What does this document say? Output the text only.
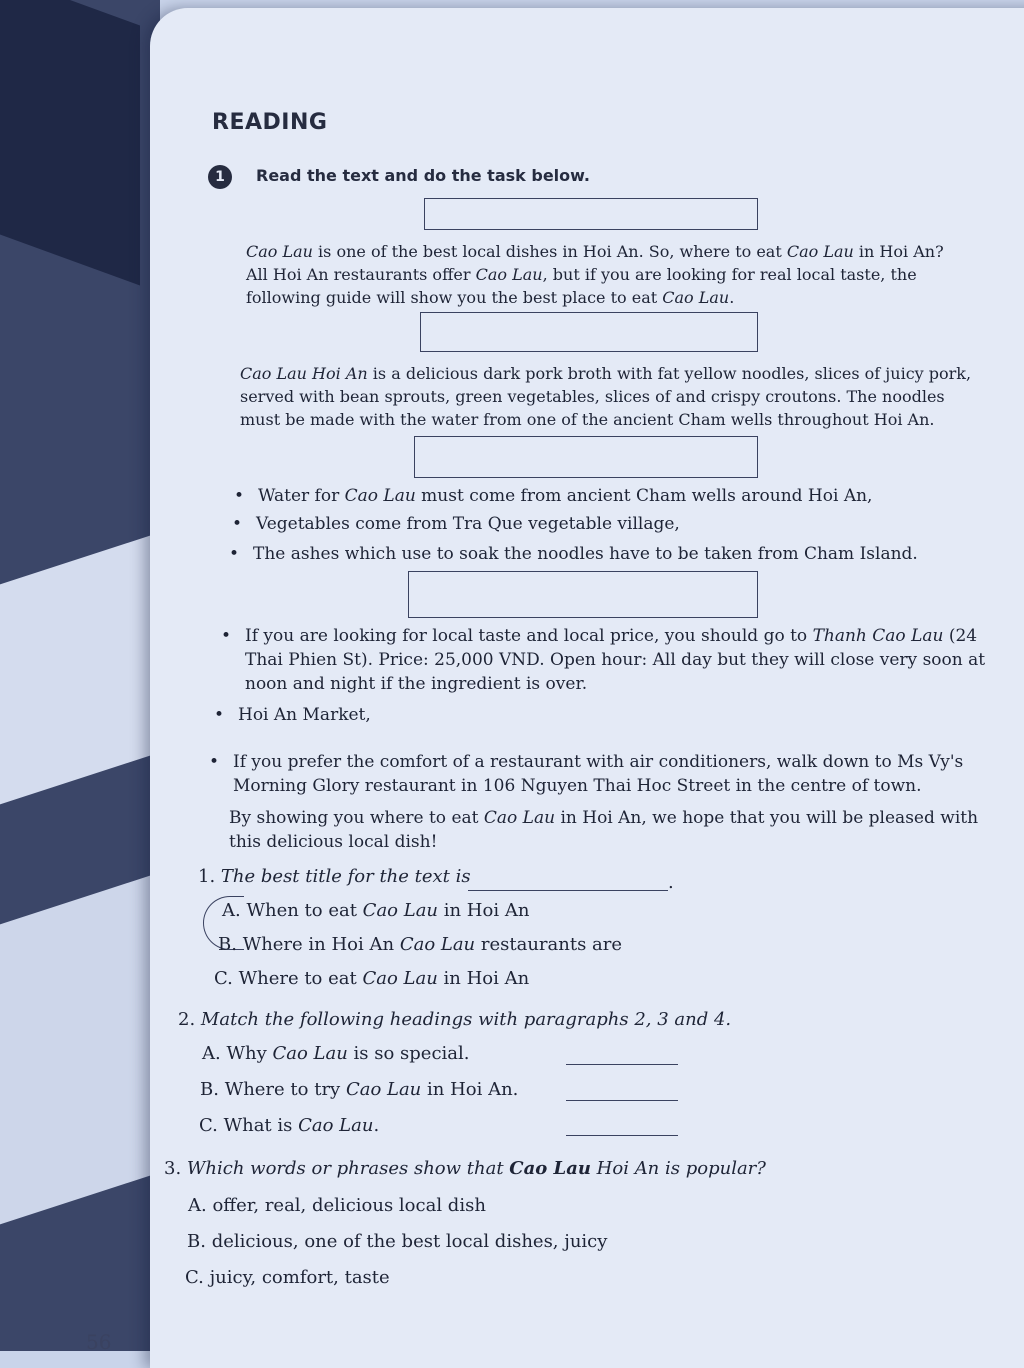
READING
1	Read the text and do the task below.

Cao Lau is one of the best local dishes in Hoi An. So, where to eat Cao Lau in Hoi An? All Hoi An restaurants offer Cao Lau, but if you are looking for real local taste, the following guide will show you the best place to eat Cao Lau.

Cao Lau Hoi An is a delicious dark pork broth with fat yellow noodles, slices of juicy pork, served with bean sprouts, green vegetables, slices of and crispy croutons. The noodles must be made with the water from one of the ancient Cham wells throughout Hoi An.

• Water for Cao Lau must come from ancient Cham wells around Hoi An,
• Vegetables come from Tra Que vegetable village,
• The ashes which use to soak the noodles have to be taken from Cham Island.
• If you are looking for local taste and local price, you should go to Thanh Cao Lau (24 Thai Phien St). Price: 25,000 VND. Open hour: All day but they will close very soon at noon and night if the ingredient is over.
• Hoi An Market,
• If you prefer the comfort of a restaurant with air conditioners, walk down to Ms Vy's Morning Glory restaurant in 106 Nguyen Thai Hoc Street in the centre of town.

By showing you where to eat Cao Lau in Hoi An, we hope that you will be pleased with this delicious local dish!

1. The best title for the text is	.
A. When to eat Cao Lau in Hoi An
B. Where in Hoi An Cao Lau restaurants are
C. Where to eat Cao Lau in Hoi An
2. Match the following headings with paragraphs 2, 3 and 4.
A. Why Cao Lau is so special.
B. Where to try Cao Lau in Hoi An.
C. What is Cao Lau.
3. Which words or phrases show that Cao Lau Hoi An is popular?
A. offer, real, delicious local dish
B. delicious, one of the best local dishes, juicy
C. juicy, comfort, taste
56
